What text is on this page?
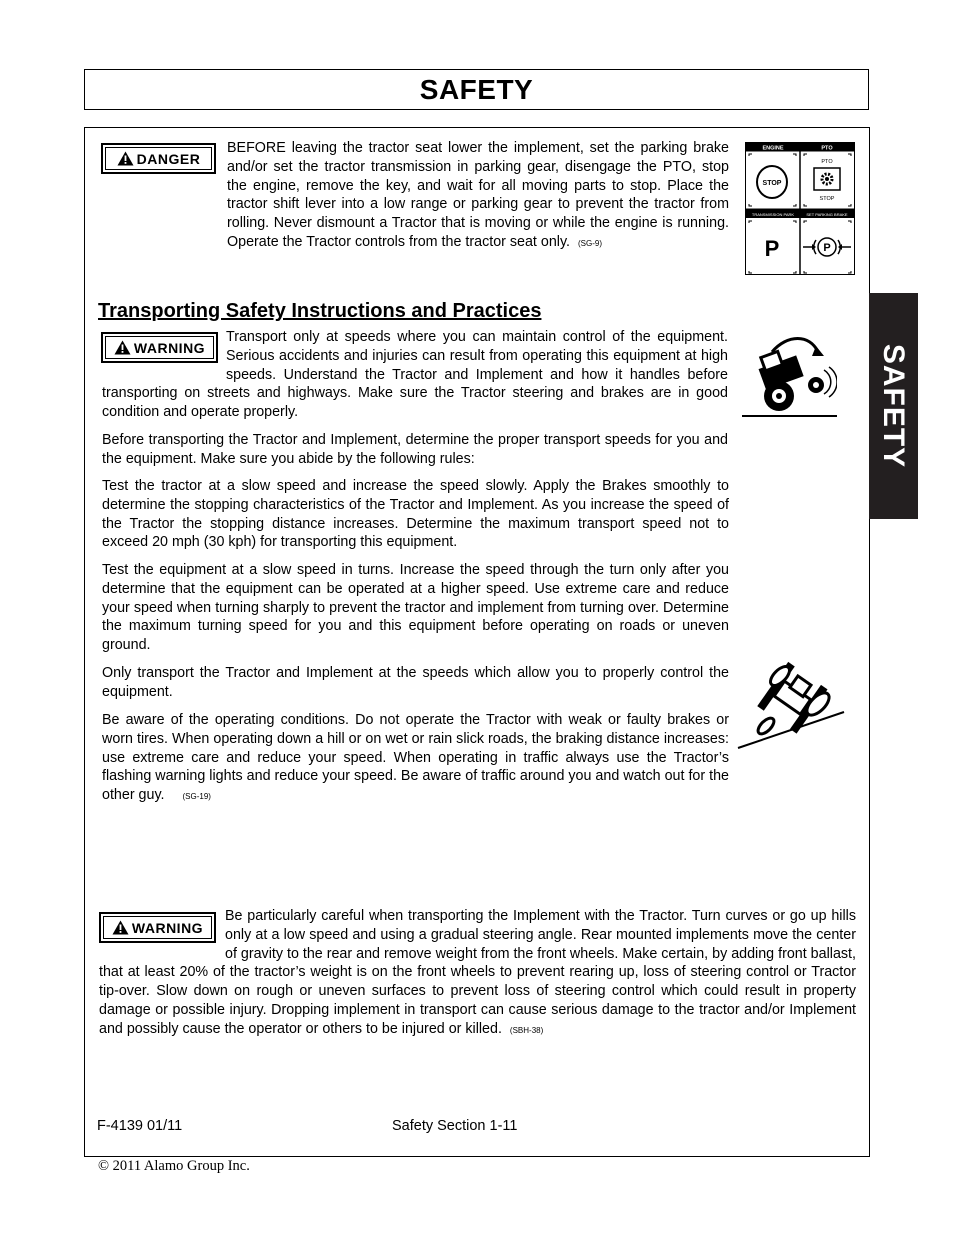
SAFETY
SAFETY
DANGER

BEFORE leaving the tractor seat lower the implement, set the parking brake and/or set the tractor transmission in parking gear, disengage the PTO, stop the engine, remove the key, and wait for all moving parts to stop. Place the tractor shift lever into a low range or parking gear to prevent the tractor from rolling. Never dismount a Tractor that is moving or while the engine is running. Operate the Tractor controls from the tractor seat only. (SG-9)

ENGINE	PTO
TRANSMISSION PARK	SET PARKING BRAKE
STOP
PTO
STOP
P	P
Transporting Safety Instructions and Practices
WARNING
Transport only at speeds where you can maintain control of the equipment. Serious accidents and injuries can result from operating this equipment at high speeds. Understand the Tractor and Implement and how it handles before transporting on streets and highways. Make sure the Tractor steering and brakes are in good condition and operate properly.

Before transporting the Tractor and Implement, determine the proper transport speeds for you and the equipment. Make sure you abide by the following rules:

Test the tractor at a slow speed and increase the speed slowly. Apply the Brakes smoothly to determine the stopping characteristics of the Tractor and Implement. As you increase the speed of the Tractor the stopping distance increases. Determine the maximum transport speed not to exceed 20 mph (30 kph) for transporting this equipment.

Test the equipment at a slow speed in turns. Increase the speed through the turn only after you determine that the equipment can be operated at a higher speed. Use extreme care and reduce your speed when turning sharply to prevent the tractor and implement from turning over. Determine the maximum turning speed for you and this equipment before operating on roads or uneven ground.

Only transport the Tractor and Implement at the speeds which allow you to properly control the equipment.

Be aware of the operating conditions. Do not operate the Tractor with weak or faulty brakes or worn tires. When operating down a hill or on wet or rain slick roads, the braking distance increases: use extreme care and reduce your speed. When operating in traffic always use the Tractor’s flashing warning lights and reduce your speed. Be aware of traffic around you and watch out for the other guy. (SG-19)

WARNING
Be particularly careful when transporting the Implement with the Tractor. Turn curves or go up hills only at a low speed and using a gradual steering angle. Rear mounted implements move the center of gravity to the rear and remove weight from the front wheels. Make certain, by adding front ballast, that at least 20% of the tractor’s weight is on the front wheels to prevent rearing up, loss of steering control or Tractor tip-over. Slow down on rough or uneven surfaces to prevent loss of steering control which could result in property damage or possible injury. Dropping implement in transport can cause serious damage to the tractor and/or Implement and possibly cause the operator or others to be injured or killed. (SBH-38)
F-4139 01/11	Safety Section 1-11
© 2011 Alamo Group Inc.
